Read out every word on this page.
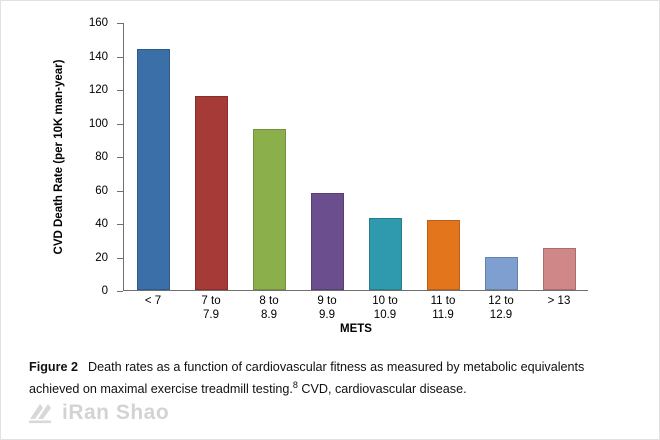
CVD Death Rate (per 10K man-year)
0
20
40
60
80
100
120
140
160
< 7	7 to
7.9
8 to
8.9
9 to
9.9
10 to
10.9
11 to
11.9
12 to
12.9
> 13
METS
Figure 2 Death rates as a function of cardiovascular fitness as measured by metabolic equivalents achieved on maximal exercise treadmill testing.$^8$ CVD, cardiovascular disease.
iRan Shao
